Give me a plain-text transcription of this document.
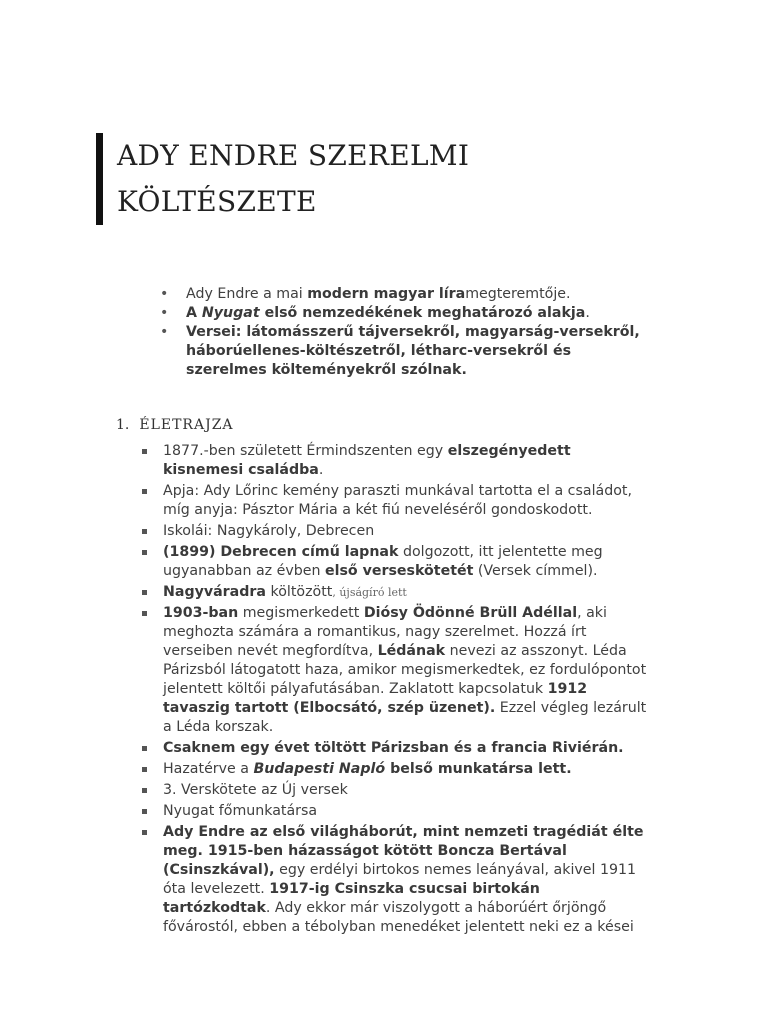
ADY ENDRE SZERELMI
KÖLTÉSZETE
• Ady Endre a mai modern magyar líramegteremtője.
• A Nyugat első nemzedékének meghatározó alakja.
• Versei: látomásszerű tájversekről, magyarság-versekről, háborúellenes-költészetről, létharc-versekről és szerelmes költeményekről szólnak.
1. ÉLETRAJZA
1877.-ben született Érmindszenten egy elszegényedett kisnemesi családba.
Apja: Ady Lőrinc kemény paraszti munkával tartotta el a családot, míg anyja: Pásztor Mária a két fiú neveléséről gondoskodott.
Iskolái: Nagykároly, Debrecen
(1899) Debrecen című lapnak dolgozott, itt jelentette meg ugyanabban az évben első verseskötetét (Versek címmel).
Nagyváradra költözött, újságíró lett
1903-ban megismerkedett Diósy Ödönné Brüll Adéllal, aki meghozta számára a romantikus, nagy szerelmet. Hozzá írt verseiben nevét megfordítva, Lédának nevezi az asszonyt. Léda Párizsból látogatott haza, amikor megismerkedtek, ez fordulópontot jelentett költői pályafutásában. Zaklatott kapcsolatuk 1912 tavaszig tartott (Elbocsátó, szép üzenet). Ezzel végleg lezárult a Léda korszak.
Csaknem egy évet töltött Párizsban és a francia Riviérán.
Hazatérve a Budapesti Napló belső munkatársa lett.
3. Verskötete az Új versek
Nyugat főmunkatársa
Ady Endre az első világháborút, mint nemzeti tragédiát élte meg. 1915-ben házasságot kötött Boncza Bertával (Csinszkával), egy erdélyi birtokos nemes leányával, akivel 1911 óta levelezett. 1917-ig Csinszka csucsai birtokán tartózkodtak. Ady ekkor már viszolygott a háborúért őrjöngő fővárostól, ebben a tébolyban menedéket jelentett neki ez a kései
